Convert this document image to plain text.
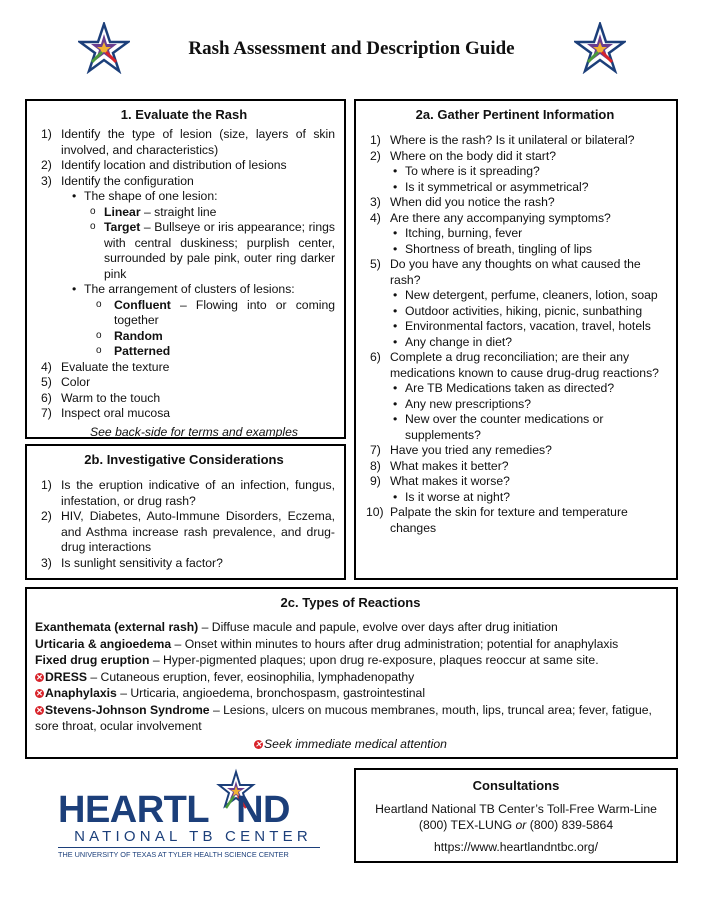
Rash Assessment and Description Guide
1. Evaluate the Rash
1) Identify the type of lesion (size, layers of skin involved, and characteristics)
2) Identify location and distribution of lesions
3) Identify the configuration
• The shape of one lesion:
o Linear – straight line
o Target – Bullseye or iris appearance; rings with central duskiness; purplish center, surrounded by pale pink, outer ring darker pink
• The arrangement of clusters of lesions:
o Confluent – Flowing into or coming together
o Random
o Patterned
4) Evaluate the texture
5) Color
6) Warm to the touch
7) Inspect oral mucosa
See back-side for terms and examples
2a. Gather Pertinent Information
1) Where is the rash? Is it unilateral or bilateral?
2) Where on the body did it start?
• To where is it spreading?
• Is it symmetrical or asymmetrical?
3) When did you notice the rash?
4) Are there any accompanying symptoms?
• Itching, burning, fever
• Shortness of breath, tingling of lips
5) Do you have any thoughts on what caused the rash?
• New detergent, perfume, cleaners, lotion, soap
• Outdoor activities, hiking, picnic, sunbathing
• Environmental factors, vacation, travel, hotels
• Any change in diet?
6) Complete a drug reconciliation; are their any medications known to cause drug-drug reactions?
• Are TB Medications taken as directed?
• Any new prescriptions?
• New over the counter medications or supplements?
7) Have you tried any remedies?
8) What makes it better?
9) What makes it worse?
• Is it worse at night?
10) Palpate the skin for texture and temperature changes
2b. Investigative Considerations
1) Is the eruption indicative of an infection, fungus, infestation, or drug rash?
2) HIV, Diabetes, Auto-Immune Disorders, Eczema, and Asthma increase rash prevalence, and drug-drug interactions
3) Is sunlight sensitivity a factor?
2c. Types of Reactions
Exanthemata (external rash) – Diffuse macule and papule, evolve over days after drug initiation
Urticaria & angioedema – Onset within minutes to hours after drug administration; potential for anaphylaxis
Fixed drug eruption – Hyper-pigmented plaques; upon drug re-exposure, plaques reoccur at same site.
✕ DRESS – Cutaneous eruption, fever, eosinophilia, lymphadenopathy
✕ Anaphylaxis – Urticaria, angioedema, bronchospasm, gastrointestinal
✕ Stevens-Johnson Syndrome – Lesions, ulcers on mucous membranes, mouth, lips, truncal area; fever, fatigue, sore throat, ocular involvement
✕ Seek immediate medical attention
HEARTL ND
NATIONAL TB CENTER
THE UNIVERSITY OF TEXAS AT TYLER HEALTH SCIENCE CENTER
Consultations
Heartland National TB Center’s Toll-Free Warm-Line
(800) TEX-LUNG or (800) 839-5864
https://www.heartlandntbc.org/
